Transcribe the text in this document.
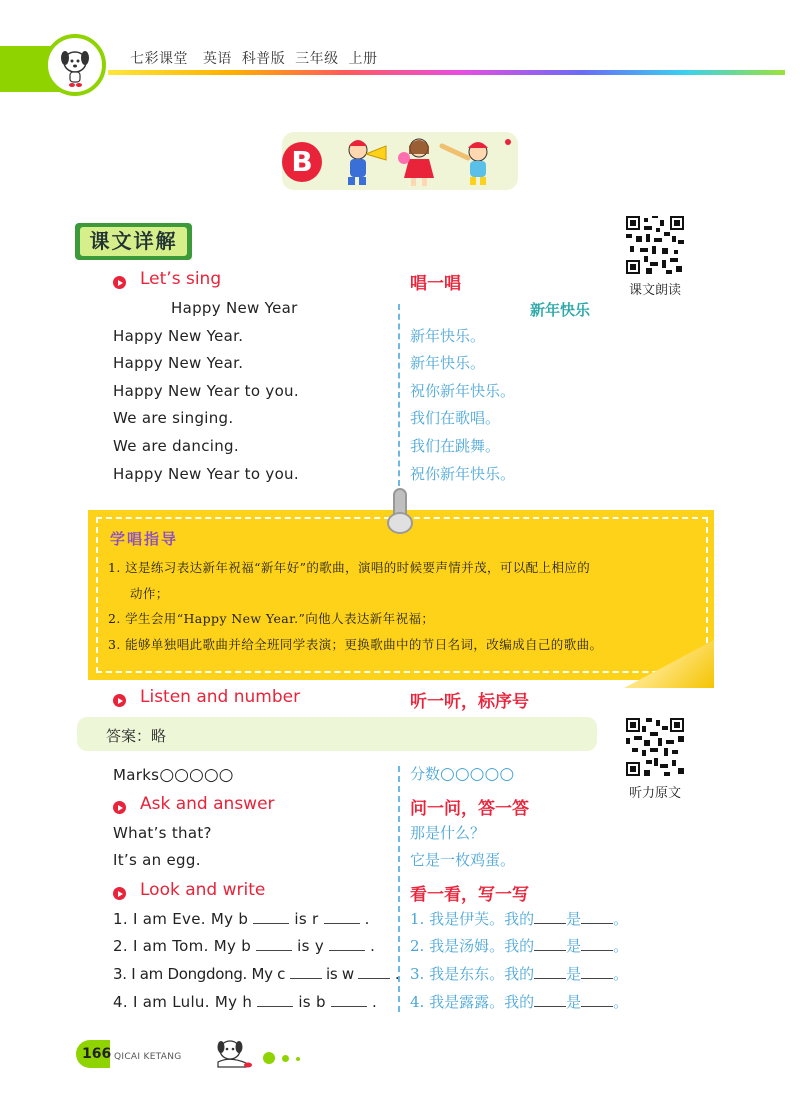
七彩课堂   英语  科普版  三年级  上册
B
课文详解
课文朗读
Let’s sing	唱一唱
Happy New Year	新年快乐
Happy New Year.	新年快乐。
Happy New Year.	新年快乐。
Happy New Year to you.	祝你新年快乐。
We are singing.	我们在歌唱。
We are dancing.	我们在跳舞。
Happy New Year to you.	祝你新年快乐。
学唱指导
1. 这是练习表达新年祝福“新年好”的歌曲，演唱的时候要声情并茂，可以配上相应的
动作；
2. 学生会用“Happy New Year.”向他人表达新年祝福；
3. 能够单独唱此歌曲并给全班同学表演；更换歌曲中的节日名词，改编成自己的歌曲。
Listen and number	听一听，标序号
答案：略
听力原文
Marks○○○○○	分数○○○○○
Ask and answer	问一问，答一答
What’s that?	那是什么？
It’s an egg.	它是一枚鸡蛋。
Look and write	看一看，写一写
1. I am Eve. My b	is r	.	1. 我是伊芙。我的 是 。
2. I am Tom. My b	is y	. 2. 我是汤姆。我的 是 。
3. I am Dongdong. My c	is w	. 3. 我是东东。我的 是 。
4. I am Lulu. My h	is b	. 4. 我是露露。我的 是 。
166 QICAI KETANG
